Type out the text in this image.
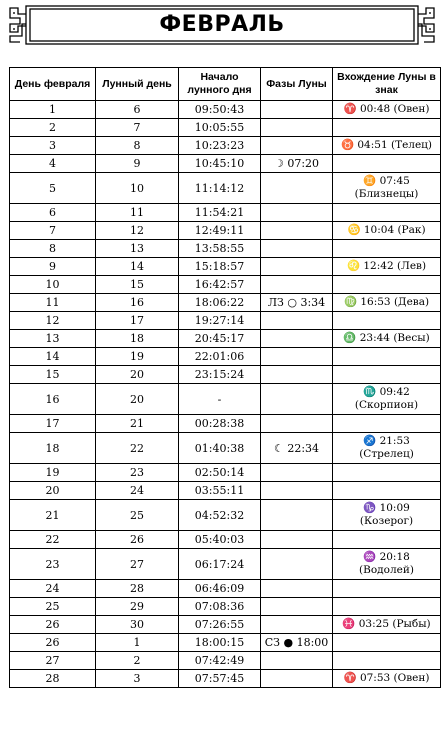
ФЕВРАЛЬ
День февраля	Лунный день	Начало лунного дня	Фазы Луны	Вхождение Луны в знак
1	6	09:50:43		♈ 00:48 (Овен)
2	7	10:05:55		
3	8	10:23:23		♉ 04:51 (Телец)
4	9	10:45:10	☽ 07:20	
5	10	11:14:12		♊ 07:45 (Близнецы)
6	11	11:54:21		
7	12	12:49:11		♋ 10:04 (Рак)
8	13	13:58:55		
9	14	15:18:57		♌ 12:42 (Лев)
10	15	16:42:57		
11	16	18:06:22	ЛЗ ○ 3:34	♍ 16:53 (Дева)
12	17	19:27:14		
13	18	20:45:17		♎ 23:44 (Весы)
14	19	22:01:06		
15	20	23:15:24		
16	20	-		♏ 09:42 (Скорпион)
17	21	00:28:38		
18	22	01:40:38	☾ 22:34	♐ 21:53 (Стрелец)
19	23	02:50:14		
20	24	03:55:11		
21	25	04:52:32		♑ 10:09 (Козерог)
22	26	05:40:03		
23	27	06:17:24		♒ 20:18 (Водолей)
24	28	06:46:09		
25	29	07:08:36		
26	30	07:26:55		♓ 03:25 (Рыбы)
26	1	18:00:15	СЗ ● 18:00	
27	2	07:42:49		
28	3	07:57:45		♈ 07:53 (Овен)
